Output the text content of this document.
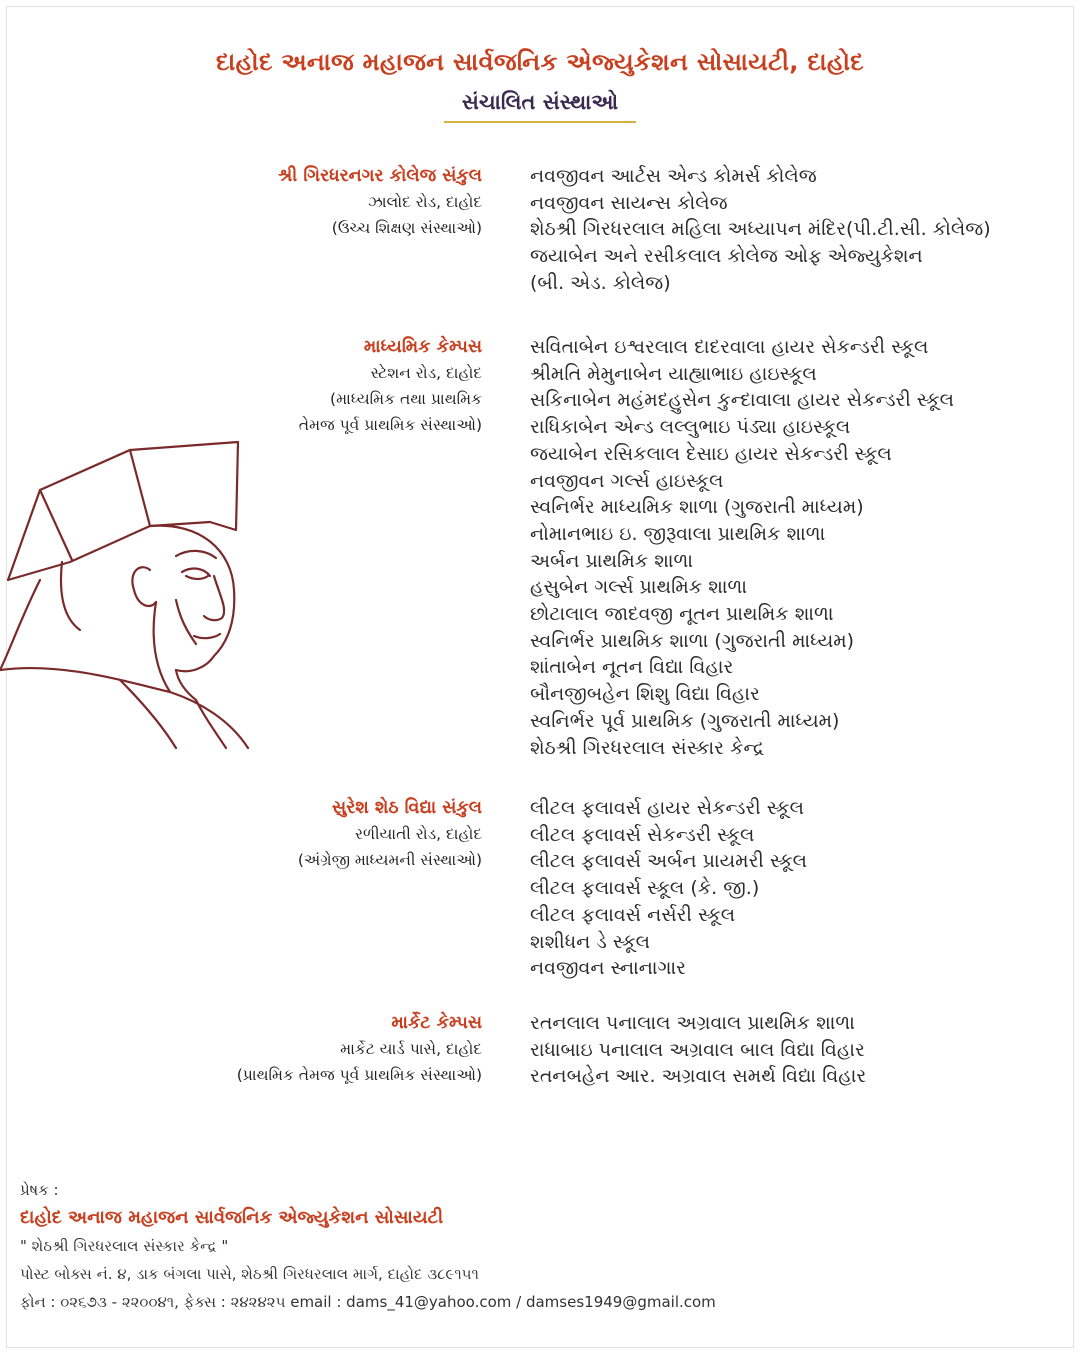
દાહોદ અનાજ મહાજન સાર્વજનિક એજ્યુકેશન સોસાયટી, દાહોદ
સંચાલિત સંસ્થાઓ
શ્રી ગિરધરનગર કોલેજ સંકુલ
ઝાલોદ રોડ, દાહોદ
(ઉચ્ચ શિક્ષણ સંસ્થાઓ)
નવજીવન આર્ટસ એન્ડ કોમર્સ કોલેજ
નવજીવન સાયન્સ કોલેજ
શેઠશ્રી ગિરધરલાલ મહિલા અધ્યાપન મંદિર(પી.ટી.સી. કોલેજ)
જયાબેન અને રસીકલાલ કોલેજ ઓફ એજ્યુકેશન
(બી. એડ. કોલેજ)
માધ્યમિક કેમ્પસ
સ્ટેશન રોડ, દાહોદ
(માધ્યમિક તથા પ્રાથમિક
તેમજ પૂર્વ પ્રાથમિક સંસ્થાઓ)
સવિતાબેન ઇશ્વરલાલ દાદરવાલા હાયર સેકન્ડરી સ્કૂલ
શ્રીમતિ મેમુનાબેન યાહ્યાભાઇ હાઇસ્કૂલ
સકિનાબેન મહંમદહુસેન કુન્દાવાલા હાયર સેકન્ડરી સ્કૂલ
રાધિકાબેન એન્ડ લલ્લુભાઇ પંડ્યા હાઇસ્કૂલ
જયાબેન રસિકલાલ દેસાઇ હાયર સેકન્ડરી સ્કૂલ
નવજીવન ગર્લ્સ હાઇસ્કૂલ
સ્વનિર્ભર માધ્યમિક શાળા (ગુજરાતી માધ્યમ)
નોમાનભાઇ ઇ. જીરૂવાલા પ્રાથમિક શાળા
અર્બન પ્રાથમિક શાળા
હસુબેન ગર્લ્સ પ્રાથમિક શાળા
છોટાલાલ જાદવજી નૂતન પ્રાથમિક શાળા
સ્વનિર્ભર પ્રાથમિક શાળા (ગુજરાતી માધ્યમ)
શાંતાબેન નૂતન વિદ્યા વિહાર
બૌનજીબહેન શિશુ વિદ્યા વિહાર
સ્વનિર્ભર પૂર્વ પ્રાથમિક (ગુજરાતી માધ્યમ)
શેઠશ્રી ગિરધરલાલ સંસ્કાર કેન્દ્ર
સુરેશ શેઠ વિદ્યા સંકુલ
રળીયાતી રોડ, દાહોદ
(અંગ્રેજી માધ્યમની સંસ્થાઓ)
લીટલ ફલાવર્સ હાયર સેકન્ડરી સ્કૂલ
લીટલ ફલાવર્સ સેકન્ડરી સ્કૂલ
લીટલ ફલાવર્સ અર્બન પ્રાયમરી સ્કૂલ
લીટલ ફલાવર્સ સ્કૂલ (કે. જી.)
લીટલ ફલાવર્સ નર્સરી સ્કૂલ
શશીધન ડે સ્કૂલ
નવજીવન સ્નાનાગાર
માર્કેટ કેમ્પસ
માર્કેટ યાર્ડ પાસે, દાહોદ
(પ્રાથમિક તેમજ પૂર્વ પ્રાથમિક સંસ્થાઓ)
રતનલાલ પનાલાલ અગ્રવાલ પ્રાથમિક શાળા
રાધાબાઇ પનાલાલ અગ્રવાલ બાલ વિદ્યા વિહાર
રતનબહેન આર. અગ્રવાલ સમર્થ વિદ્યા વિહાર
પ્રેષક :
દાહોદ અનાજ મહાજન સાર્વજનિક એજ્યુકેશન સોસાયટી
" શેઠશ્રી ગિરધરલાલ સંસ્કાર કેન્દ્ર "
પોસ્ટ બોક્સ નં. ૪, ડાક બંગલા પાસે, શેઠશ્રી ગિરધરલાલ માર્ગ, દાહોદ ૩૮૯૧૫૧
ફોન : ૦૨૬૭૩ - ૨૨૦૦૪૧, ફેક્સ : ૨૪૨૪૨૫ email : dams_41@yahoo.com / damses1949@gmail.com
